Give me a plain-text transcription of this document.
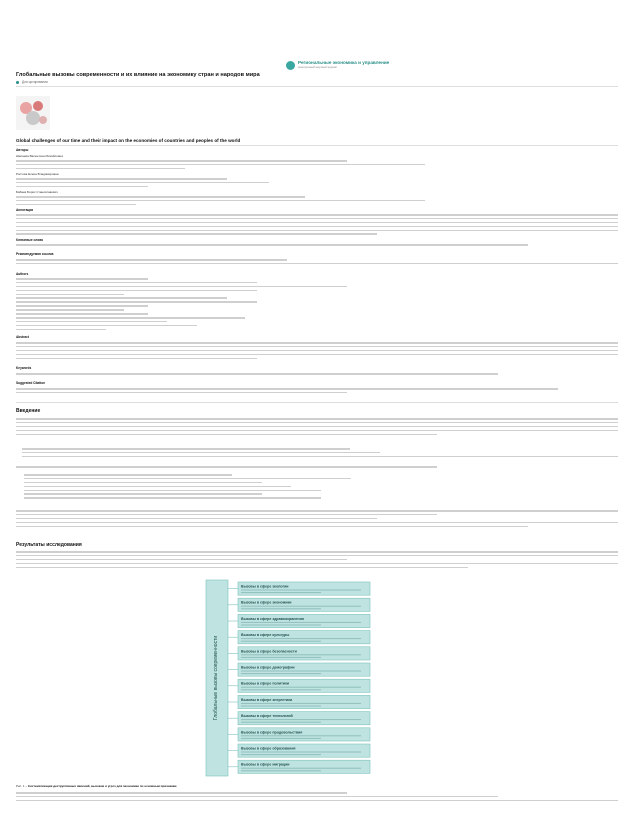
Региональные экономика и управление
электронный научный журнал
Глобальные вызовы современности и их влияние на экономику стран и народов мира
Для цитирования
Global challenges of our time and their impact on the economies of countries and peoples of the world
Авторы
Шалаева Валентина Михайловна
Ростова Елена Владимировна
Бабаев Борис Станиславович
Аннотация
Ключевые слова
Рекомендуемая ссылка
Authors
Abstract
Keywords
Suggested Citation
Введение
Результаты исследования
Глобальные вызовы современности
Вызовы в сфере экологии
Вызовы в сфере экономики
Вызовы в сфере здравоохранения
Вызовы в сфере культуры
Вызовы в сфере безопасности
Вызовы в сфере демографии
Вызовы в сфере политики
Вызовы в сфере энергетики
Вызовы в сфере технологий
Вызовы в сфере продовольствия
Вызовы в сфере образования
Вызовы в сфере миграции
Рис. 1 – Систематизация деструктивных явлений, вызовов и угроз для экономики по основным признакам
